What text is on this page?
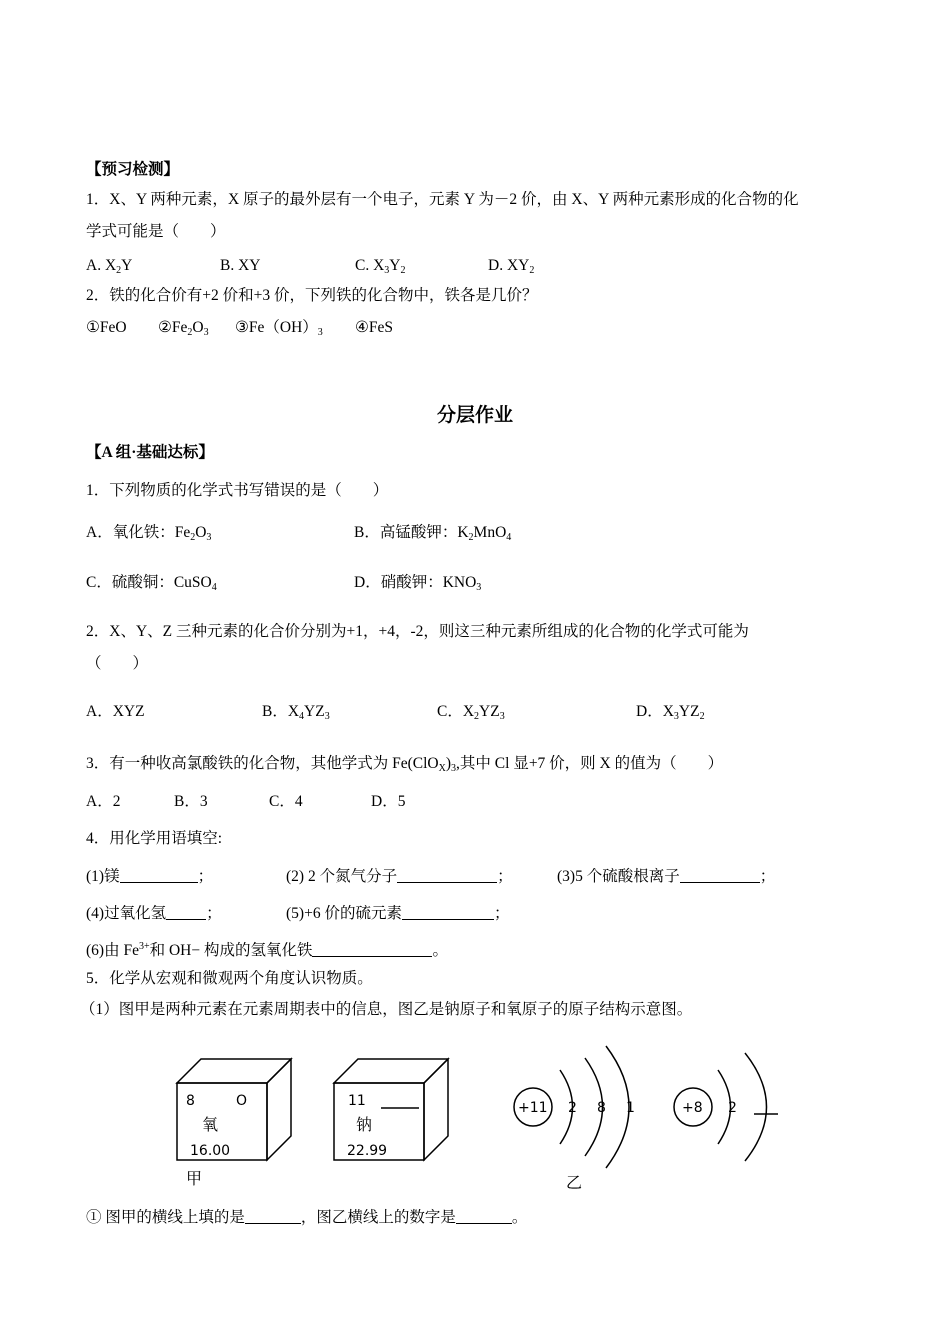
【预习检测】
1．X、Y 两种元素，X 原子的最外层有一个电子，元素 Y 为－2 价，由 X、Y 两种元素形成的化合物的化
学式可能是（　　）
A. $X_2Y$	B. XY	C. $X_3Y_2$	D. $XY_2$
2．铁的化合价有+2 价和+3 价，下列铁的化合物中，铁各是几价？
①FeO $②Fe_2O_3$ $③Fe(OH)_3$ ④FeS
分层作业
【A 组·基础达标】
1．下列物质的化学式书写错误的是（　　）
A．氧化铁：$Fe_2O_3$	B．高锰酸钾：$K_2MnO_4$
C．硫酸铜：CuSO$_4$	D．硝酸钾：$KNO_3$
2．X、Y、Z 三种元素的化合价分别为+1，+4，-2，则这三种元素所组成的化合物的化学式可能为
（　　）
A．XYZ	B．$X_4YZ_3$	C．$X_2YZ_3$	D．$X_3YZ_2$
3．有一种收高氯酸铁的化合物，其他学式为 $Fe(ClO_X)_3$,其中 Cl 显+7 价，则 X 的值为（　　）
A．2	B．3	C．4	D．5
4．用化学用语填空:
(1)镁	；	(2) 2 个氮气分子	；	(3)5 个硫酸根离子	；
(4)过氧化氢	；	(5)+6 价的硫元素	；
(6)由 $Fe^{3+}$和 OH− 构成的氢氧化铁	。
5．化学从宏观和微观两个角度认识物质。
（1）图甲是两种元素在元素周期表中的信息，图乙是钠原子和氧原子的原子结构示意图。
8	O
氧
16.00
甲
11
钠
22.99
+11 2 8 1
乙
+8 2
① 图甲的横线上填的是	，图乙横线上的数字是	。
